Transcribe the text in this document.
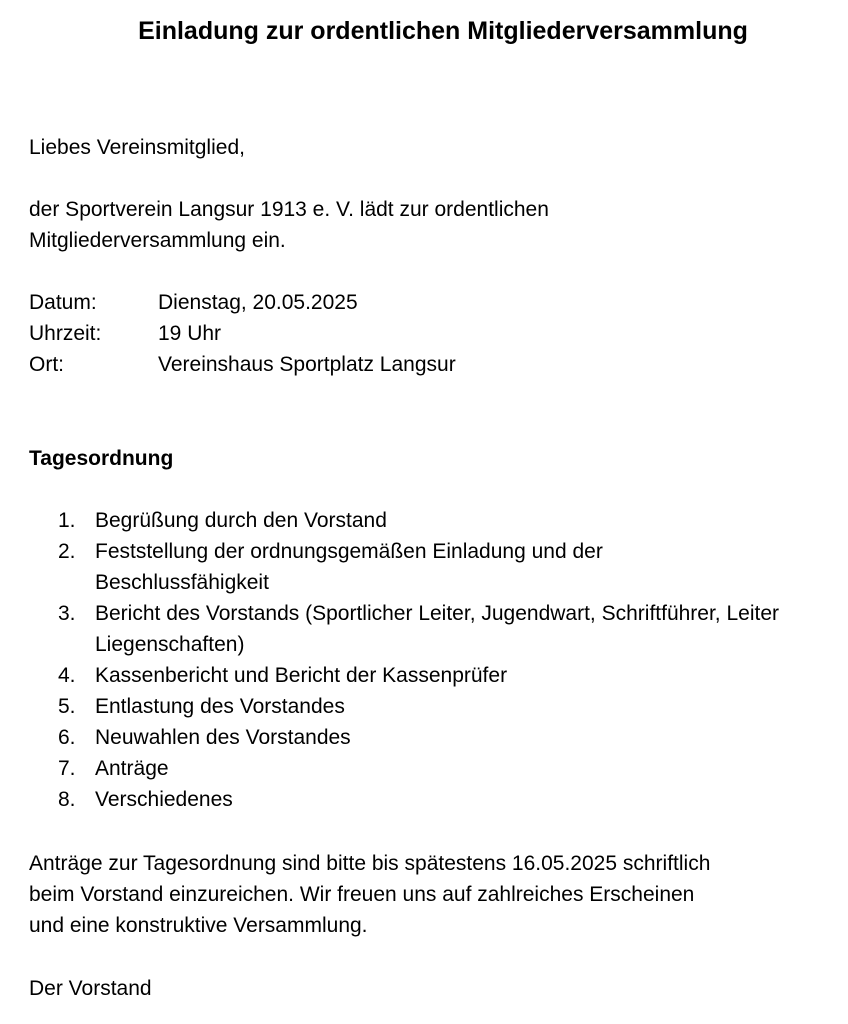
Einladung zur ordentlichen Mitgliederversammlung
Liebes Vereinsmitglied,
der Sportverein Langsur 1913 e. V. lädt zur ordentlichen
Mitgliederversammlung ein.
Datum:	Dienstag, 20.05.2025
Uhrzeit:	19 Uhr
Ort:	Vereinshaus Sportplatz Langsur
Tagesordnung
1. Begrüßung durch den Vorstand
2. Feststellung der ordnungsgemäßen Einladung und der Beschlussfähigkeit
3. Bericht des Vorstands (Sportlicher Leiter, Jugendwart, Schriftführer, Leiter Liegenschaften)
4. Kassenbericht und Bericht der Kassenprüfer
5. Entlastung des Vorstandes
6. Neuwahlen des Vorstandes
7. Anträge
8. Verschiedenes
Anträge zur Tagesordnung sind bitte bis spätestens 16.05.2025 schriftlich
beim Vorstand einzureichen. Wir freuen uns auf zahlreiches Erscheinen
und eine konstruktive Versammlung.
Der Vorstand
